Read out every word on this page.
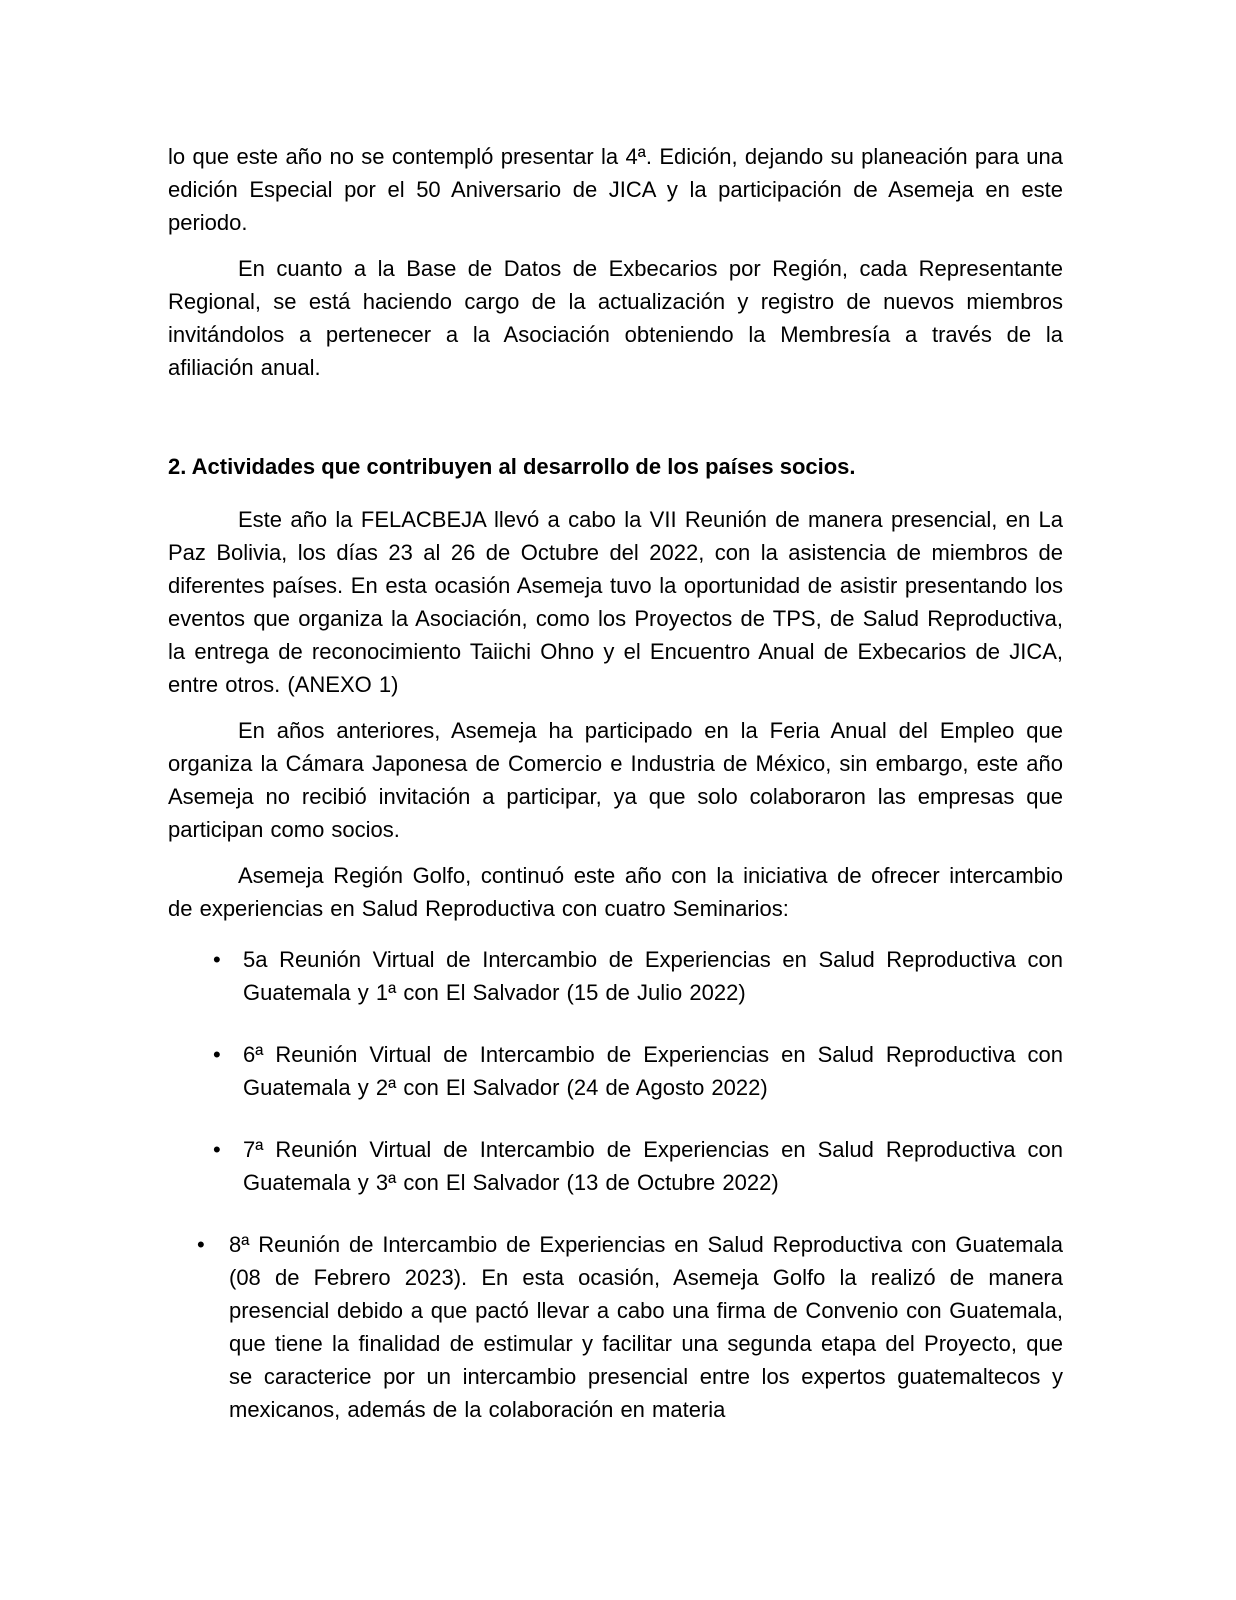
lo que este año no se contempló presentar la 4ª. Edición, dejando su planeación para una edición Especial por el 50 Aniversario de JICA y la participación de Asemeja en este periodo.

En cuanto a la Base de Datos de Exbecarios por Región, cada Representante Regional, se está haciendo cargo de la actualización y registro de nuevos miembros invitándolos a pertenecer a la Asociación obteniendo la Membresía a través de la afiliación anual.

2. Actividades que contribuyen al desarrollo de los países socios.

Este año la FELACBEJA llevó a cabo la VII Reunión de manera presencial, en La Paz Bolivia, los días 23 al 26 de Octubre del 2022, con la asistencia de miembros de diferentes países. En esta ocasión Asemeja tuvo la oportunidad de asistir presentando los eventos que organiza la Asociación, como los Proyectos de TPS, de Salud Reproductiva, la entrega de reconocimiento Taiichi Ohno y el Encuentro Anual de Exbecarios de JICA, entre otros. (ANEXO 1)

En años anteriores, Asemeja ha participado en la Feria Anual del Empleo que organiza la Cámara Japonesa de Comercio e Industria de México, sin embargo, este año Asemeja no recibió invitación a participar, ya que solo colaboraron las empresas que participan como socios.

Asemeja Región Golfo, continuó este año con la iniciativa de ofrecer intercambio de experiencias en Salud Reproductiva con cuatro Seminarios:

• 5a Reunión Virtual de Intercambio de Experiencias en Salud Reproductiva con Guatemala y 1ª con El Salvador (15 de Julio 2022)
• 6ª Reunión Virtual de Intercambio de Experiencias en Salud Reproductiva con Guatemala y 2ª con El Salvador (24 de Agosto 2022)
• 7ª Reunión Virtual de Intercambio de Experiencias en Salud Reproductiva con Guatemala y 3ª con El Salvador (13 de Octubre 2022)
• 8ª Reunión de Intercambio de Experiencias en Salud Reproductiva con Guatemala (08 de Febrero 2023). En esta ocasión, Asemeja Golfo la realizó de manera presencial debido a que pactó llevar a cabo una firma de Convenio con Guatemala, que tiene la finalidad de estimular y facilitar una segunda etapa del Proyecto, que se caracterice por un intercambio presencial entre los expertos guatemaltecos y mexicanos, además de la colaboración en materia
